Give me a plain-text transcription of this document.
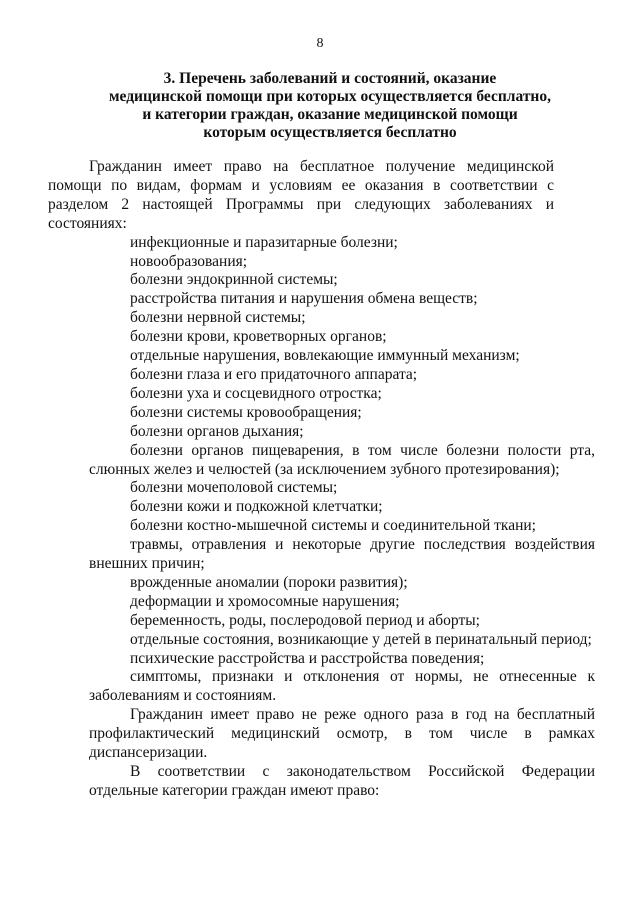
8
3. Перечень заболеваний и состояний, оказание
медицинской помощи при которых осуществляется бесплатно,
и категории граждан, оказание медицинской помощи
которым осуществляется бесплатно

Гражданин имеет право на бесплатное получение медицинской помощи по видам, формам и условиям ее оказания в соответствии с разделом 2 настоящей Программы при следующих заболеваниях и состояниях:

инфекционные и паразитарные болезни;

новообразования;

болезни эндокринной системы;

расстройства питания и нарушения обмена веществ;

болезни нервной системы;

болезни крови, кроветворных органов;

отдельные нарушения, вовлекающие иммунный механизм;

болезни глаза и его придаточного аппарата;

болезни уха и сосцевидного отростка;

болезни системы кровообращения;

болезни органов дыхания;

болезни органов пищеварения, в том числе болезни полости рта, слюнных желез и челюстей (за исключением зубного протезирования);

болезни мочеполовой системы;

болезни кожи и подкожной клетчатки;

болезни костно-мышечной системы и соединительной ткани;

травмы, отравления и некоторые другие последствия воздействия внешних причин;

врожденные аномалии (пороки развития);

деформации и хромосомные нарушения;

беременность, роды, послеродовой период и аборты;

отдельные состояния, возникающие у детей в перинатальный период;

психические расстройства и расстройства поведения;

симптомы, признаки и отклонения от нормы, не отнесенные к заболеваниям и состояниям.

Гражданин имеет право не реже одного раза в год на бесплатный профилактический медицинский осмотр, в том числе в рамках диспансеризации.

В соответствии с законодательством Российской Федерации отдельные категории граждан имеют право:
